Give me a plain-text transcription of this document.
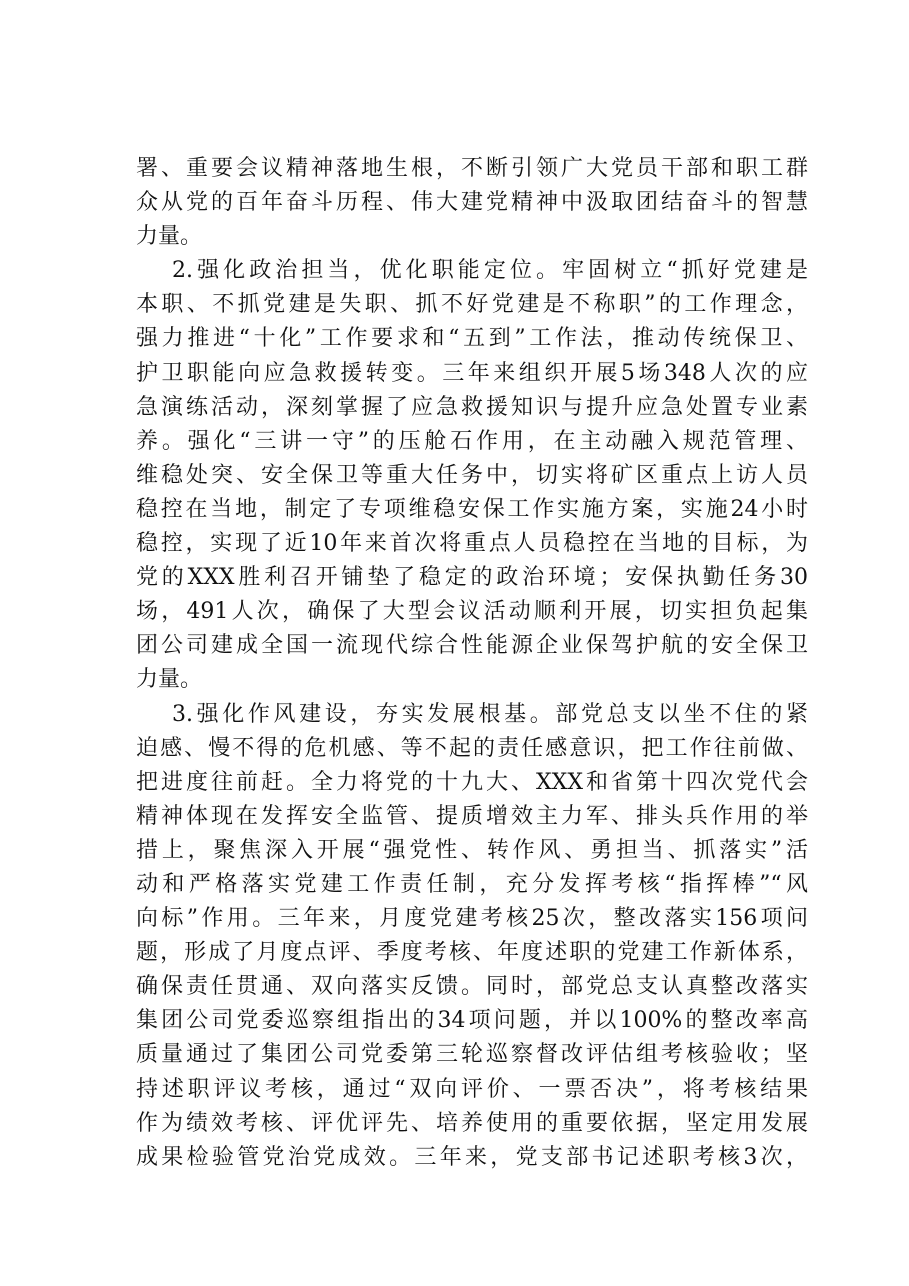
署、重要会议精神落地生根，不断引领广大党员干部和职工群
众从党的百年奋斗历程、伟大建党精神中汲取团结奋斗的智慧
力量。
2.强化政治担当，优化职能定位。牢固树立“抓好党建是
本职、不抓党建是失职、抓不好党建是不称职”的工作理念，
强力推进“十化”工作要求和“五到”工作法，推动传统保卫、
护卫职能向应急救援转变。三年来组织开展5场348人次的应
急演练活动，深刻掌握了应急救援知识与提升应急处置专业素
养。强化“三讲一守”的压舱石作用，在主动融入规范管理、
维稳处突、安全保卫等重大任务中，切实将矿区重点上访人员
稳控在当地，制定了专项维稳安保工作实施方案，实施24小时
稳控，实现了近10年来首次将重点人员稳控在当地的目标，为
党的XXX胜利召开铺垫了稳定的政治环境；安保执勤任务30
场，491人次，确保了大型会议活动顺利开展，切实担负起集
团公司建成全国一流现代综合性能源企业保驾护航的安全保卫
力量。
3.强化作风建设，夯实发展根基。部党总支以坐不住的紧
迫感、慢不得的危机感、等不起的责任感意识，把工作往前做、
把进度往前赶。全力将党的十九大、XXX和省第十四次党代会
精神体现在发挥安全监管、提质增效主力军、排头兵作用的举
措上，聚焦深入开展“强党性、转作风、勇担当、抓落实”活
动和严格落实党建工作责任制，充分发挥考核“指挥棒”“风
向标”作用。三年来，月度党建考核25次，整改落实156项问
题，形成了月度点评、季度考核、年度述职的党建工作新体系，
确保责任贯通、双向落实反馈。同时，部党总支认真整改落实
集团公司党委巡察组指出的34项问题，并以100%的整改率高
质量通过了集团公司党委第三轮巡察督改评估组考核验收；坚
持述职评议考核，通过“双向评价、一票否决”，将考核结果
作为绩效考核、评优评先、培养使用的重要依据，坚定用发展
成果检验管党治党成效。三年来，党支部书记述职考核3次，
